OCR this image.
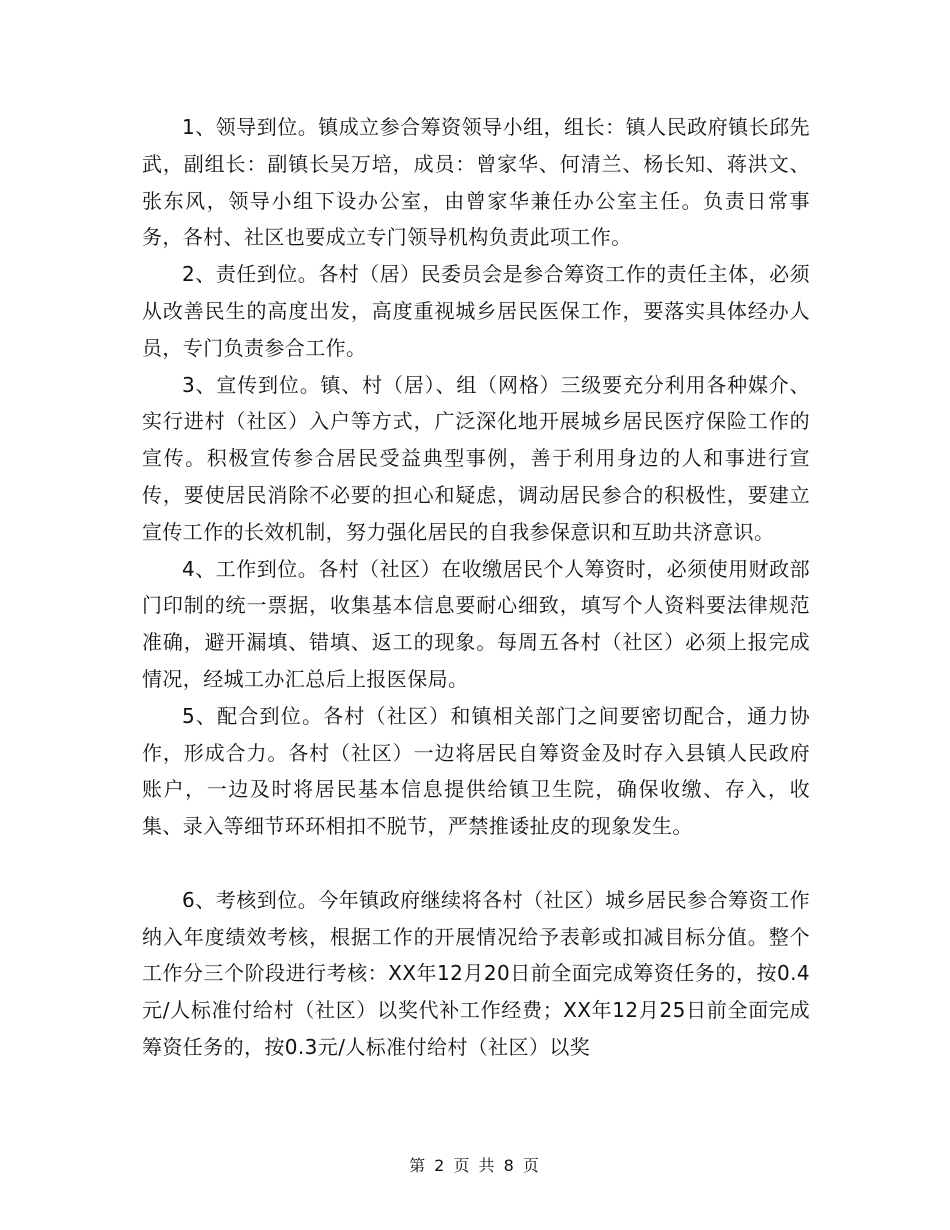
1、领导到位。镇成立参合筹资领导小组，组长：镇人民政府镇长邱先武，副组长：副镇长吴万培，成员：曾家华、何清兰、杨长知、蒋洪文、张东风，领导小组下设办公室，由曾家华兼任办公室主任。负责日常事务，各村、社区也要成立专门领导机构负责此项工作。

2、责任到位。各村（居）民委员会是参合筹资工作的责任主体，必须从改善民生的高度出发，高度重视城乡居民医保工作，要落实具体经办人员，专门负责参合工作。

3、宣传到位。镇、村（居）、组（网格）三级要充分利用各种媒介、实行进村（社区）入户等方式，广泛深化地开展城乡居民医疗保险工作的宣传。积极宣传参合居民受益典型事例，善于利用身边的人和事进行宣传，要使居民消除不必要的担心和疑虑，调动居民参合的积极性，要建立宣传工作的长效机制，努力强化居民的自我参保意识和互助共济意识。

4、工作到位。各村（社区）在收缴居民个人筹资时，必须使用财政部门印制的统一票据，收集基本信息要耐心细致，填写个人资料要法律规范准确，避开漏填、错填、返工的现象。每周五各村（社区）必须上报完成情况，经城工办汇总后上报医保局。

5、配合到位。各村（社区）和镇相关部门之间要密切配合，通力协作，形成合力。各村（社区）一边将居民自筹资金及时存入县镇人民政府账户，一边及时将居民基本信息提供给镇卫生院，确保收缴、存入，收集、录入等细节环环相扣不脱节，严禁推诿扯皮的现象发生。

6、考核到位。今年镇政府继续将各村（社区）城乡居民参合筹资工作纳入年度绩效考核，根据工作的开展情况给予表彰或扣减目标分值。整个工作分三个阶段进行考核：XX年12月20日前全面完成筹资任务的，按0.4元/人标准付给村（社区）以奖代补工作经费；XX年12月25日前全面完成筹资任务的，按0.3元/人标准付给村（社区）以奖

第 2 页 共 8 页
